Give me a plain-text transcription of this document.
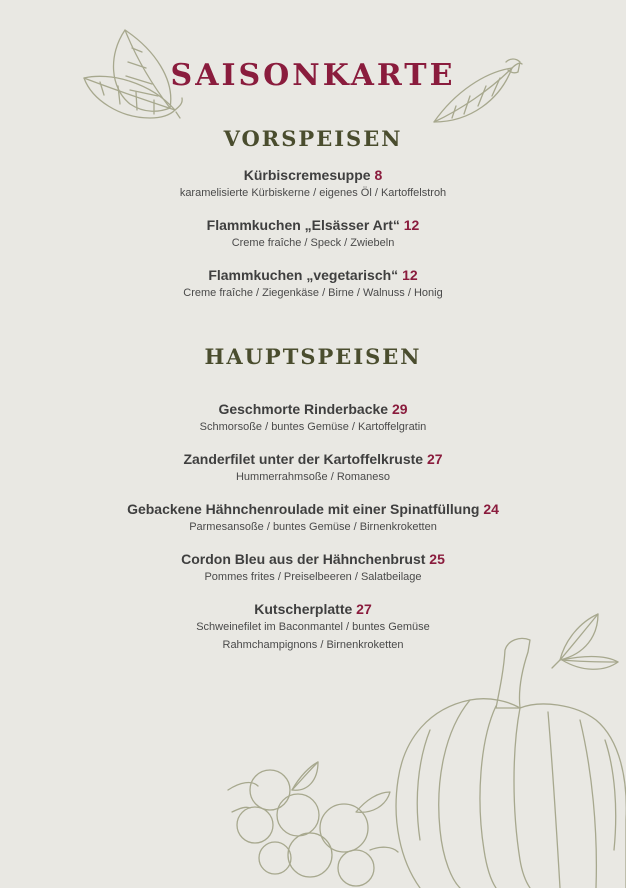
SAISONKARTE
VORSPEISEN
Kürbiscremesuppe 8
karamelisierte Kürbiskerne / eigenes Öl / Kartoffelstroh
Flammkuchen „Elsässer Art“ 12
Creme fraîche / Speck / Zwiebeln
Flammkuchen „vegetarisch“ 12
Creme fraîche / Ziegenkäse / Birne / Walnuss / Honig
HAUPTSPEISEN
Geschmorte Rinderbacke 29
Schmorsoße / buntes Gemüse / Kartoffelgratin
Zanderfilet unter der Kartoffelkruste 27
Hummerrahmsoße / Romaneso
Gebackene Hähnchenroulade mit einer Spinatfüllung 24
Parmesansoße / buntes Gemüse / Birnenkroketten
Cordon Bleu aus der Hähnchenbrust 25
Pommes frites / Preiselbeeren / Salatbeilage
Kutscherplatte 27
Schweinefilet im Baconmantel / buntes Gemüse
Rahmchampignons / Birnenkroketten
